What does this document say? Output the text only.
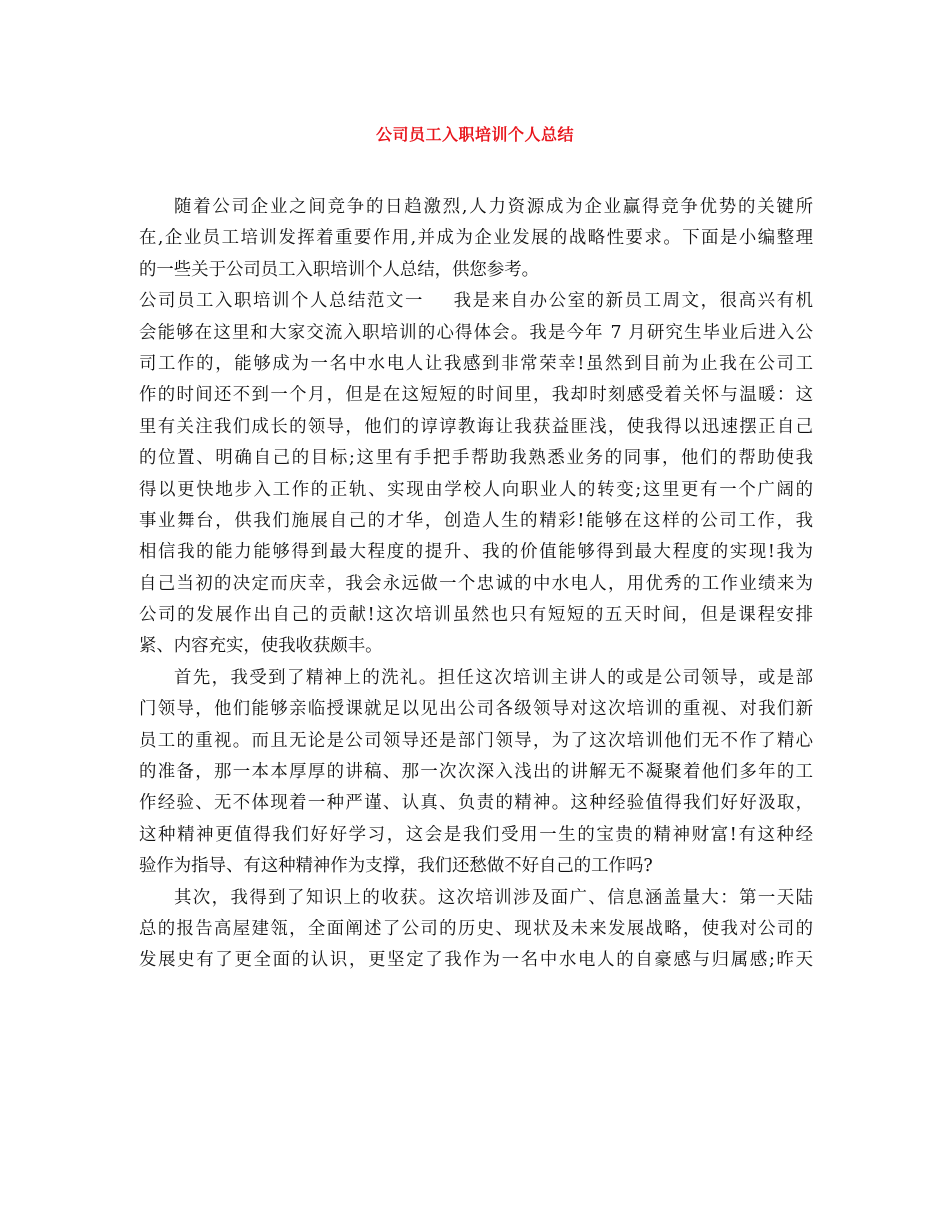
公司员工入职培训个人总结
随着公司企业之间竞争的日趋激烈,人力资源成为企业赢得竞争优势的关键所
在,企业员工培训发挥着重要作用,并成为企业发展的战略性要求。下面是小编整理
的一些关于公司员工入职培训个人总结，供您参考。
公司员工入职培训个人总结范文一 我是来自办公室的新员工周文，很高兴有机
会能够在这里和大家交流入职培训的心得体会。我是今年 7 月研究生毕业后进入公
司工作的，能够成为一名中水电人让我感到非常荣幸!虽然到目前为止我在公司工
作的时间还不到一个月，但是在这短短的时间里，我却时刻感受着关怀与温暖：这
里有关注我们成长的领导，他们的谆谆教诲让我获益匪浅，使我得以迅速摆正自己
的位置、明确自己的目标;这里有手把手帮助我熟悉业务的同事，他们的帮助使我
得以更快地步入工作的正轨、实现由学校人向职业人的转变;这里更有一个广阔的
事业舞台，供我们施展自己的才华，创造人生的精彩!能够在这样的公司工作，我
相信我的能力能够得到最大程度的提升、我的价值能够得到最大程度的实现!我为
自己当初的决定而庆幸，我会永远做一个忠诚的中水电人，用优秀的工作业绩来为
公司的发展作出自己的贡献!这次培训虽然也只有短短的五天时间，但是课程安排
紧、内容充实，使我收获颇丰。
首先，我受到了精神上的洗礼。担任这次培训主讲人的或是公司领导，或是部
门领导，他们能够亲临授课就足以见出公司各级领导对这次培训的重视、对我们新
员工的重视。而且无论是公司领导还是部门领导，为了这次培训他们无不作了精心
的准备，那一本本厚厚的讲稿、那一次次深入浅出的讲解无不凝聚着他们多年的工
作经验、无不体现着一种严谨、认真、负责的精神。这种经验值得我们好好汲取，
这种精神更值得我们好好学习，这会是我们受用一生的宝贵的精神财富!有这种经
验作为指导、有这种精神作为支撑，我们还愁做不好自己的工作吗?
其次，我得到了知识上的收获。这次培训涉及面广、信息涵盖量大：第一天陆
总的报告高屋建瓴，全面阐述了公司的历史、现状及未来发展战略，使我对公司的
发展史有了更全面的认识，更坚定了我作为一名中水电人的自豪感与归属感;昨天
